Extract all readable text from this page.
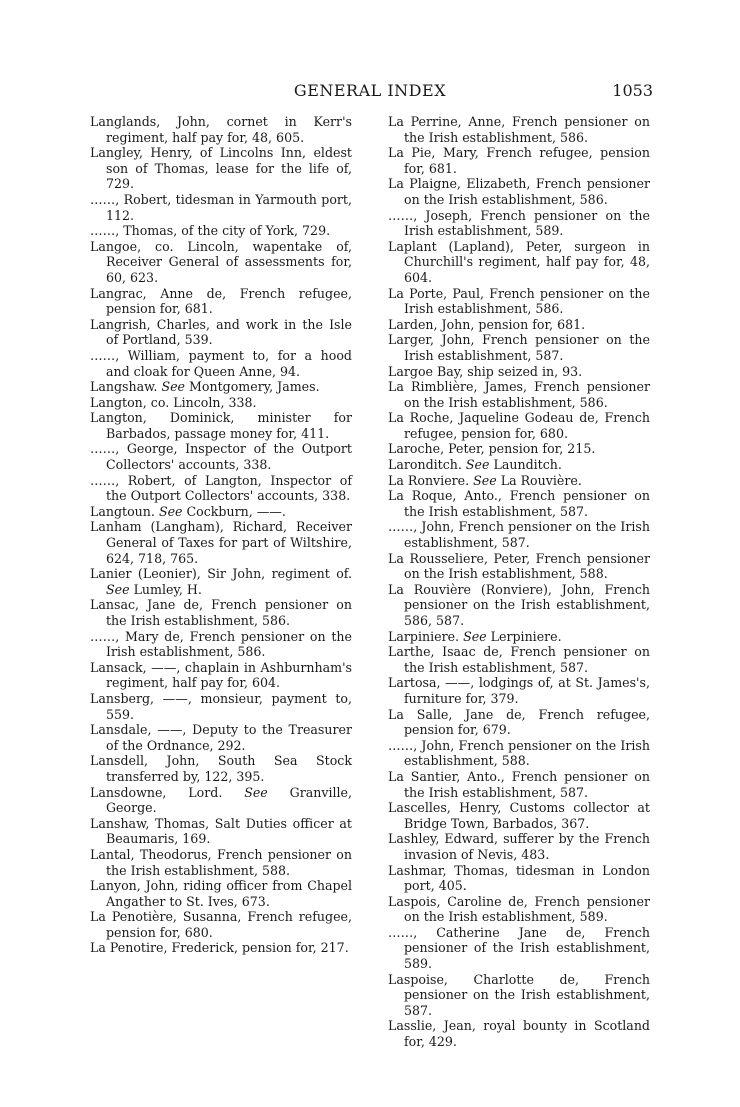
GENERAL INDEX	1053
Langlands, John, cornet in Kerr's regiment, half pay for, 48, 605.
Langley, Henry, of Lincolns Inn, eldest son of Thomas, lease for the life of, 729.
……, Robert, tidesman in Yarmouth port, 112.
……, Thomas, of the city of York, 729.
Langoe, co. Lincoln, wapentake of, Receiver General of assessments for, 60, 623.
Langrac, Anne de, French refugee, pension for, 681.
Langrish, Charles, and work in the Isle of Portland, 539.
……, William, payment to, for a hood and cloak for Queen Anne, 94.
Langshaw. See Montgomery, James.
Langton, co. Lincoln, 338.
Langton, Dominick, minister for Barbados, passage money for, 411.
……, George, Inspector of the Outport Collectors' accounts, 338.
……, Robert, of Langton, Inspector of the Outport Collectors' accounts, 338.
Langtoun. See Cockburn, ——.
Lanham (Langham), Richard, Receiver General of Taxes for part of Wiltshire, 624, 718, 765.
Lanier (Leonier), Sir John, regiment of. See Lumley, H.
Lansac, Jane de, French pensioner on the Irish establishment, 586.
……, Mary de, French pensioner on the Irish establishment, 586.
Lansack, ——, chaplain in Ashburnham's regiment, half pay for, 604.
Lansberg, ——, monsieur, payment to, 559.
Lansdale, ——, Deputy to the Treasurer of the Ordnance, 292.
Lansdell, John, South Sea Stock transferred by, 122, 395.
Lansdowne, Lord. See Granville, George.
Lanshaw, Thomas, Salt Duties officer at Beaumaris, 169.
Lantal, Theodorus, French pensioner on the Irish establishment, 588.
Lanyon, John, riding officer from Chapel Angather to St. Ives, 673.
La Penotière, Susanna, French refugee, pension for, 680.
La Penotire, Frederick, pension for, 217.
La Perrine, Anne, French pensioner on the Irish establishment, 586.
La Pie, Mary, French refugee, pension for, 681.
La Plaigne, Elizabeth, French pensioner on the Irish establishment, 586.
……, Joseph, French pensioner on the Irish establishment, 589.
Laplant (Lapland), Peter, surgeon in Churchill's regiment, half pay for, 48, 604.
La Porte, Paul, French pensioner on the Irish establishment, 586.
Larden, John, pension for, 681.
Larger, John, French pensioner on the Irish establishment, 587.
Largoe Bay, ship seized in, 93.
La Rimblière, James, French pensioner on the Irish establishment, 586.
La Roche, Jaqueline Godeau de, French refugee, pension for, 680.
Laroche, Peter, pension for, 215.
Laronditch. See Launditch.
La Ronviere. See La Rouvière.
La Roque, Anto., French pensioner on the Irish establishment, 587.
……, John, French pensioner on the Irish establishment, 587.
La Rousseliere, Peter, French pensioner on the Irish establishment, 588.
La Rouvière (Ronviere), John, French pensioner on the Irish establishment, 586, 587.
Larpiniere. See Lerpiniere.
Larthe, Isaac de, French pensioner on the Irish establishment, 587.
Lartosa, ——, lodgings of, at St. James's, furniture for, 379.
La Salle, Jane de, French refugee, pension for, 679.
……, John, French pensioner on the Irish establishment, 588.
La Santier, Anto., French pensioner on the Irish establishment, 587.
Lascelles, Henry, Customs collector at Bridge Town, Barbados, 367.
Lashley, Edward, sufferer by the French invasion of Nevis, 483.
Lashmar, Thomas, tidesman in London port, 405.
Laspois, Caroline de, French pensioner on the Irish establishment, 589.
……, Catherine Jane de, French pensioner of the Irish establishment, 589.
Laspoise, Charlotte de, French pensioner on the Irish establishment, 587.
Lasslie, Jean, royal bounty in Scotland for, 429.
